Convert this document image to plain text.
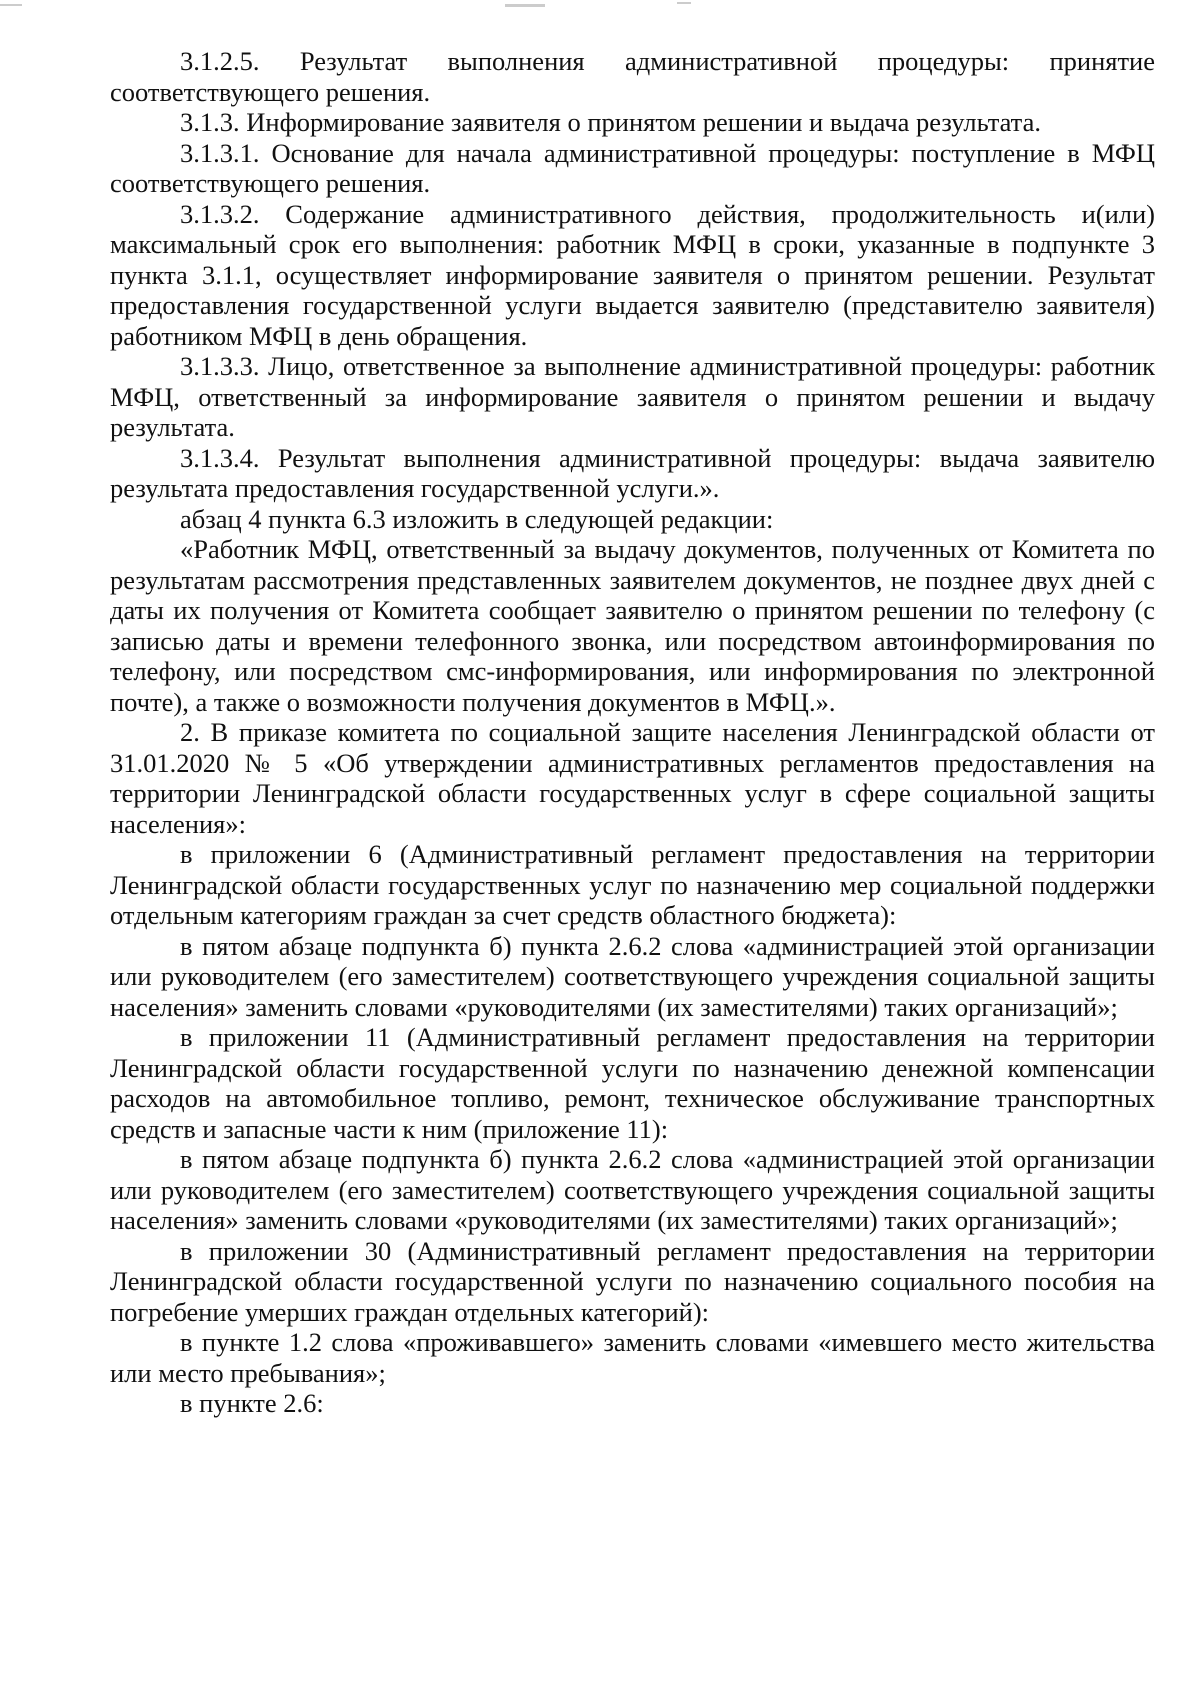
3.1.2.5. Результат выполнения административной процедуры: принятие соответствующего решения.

3.1.3. Информирование заявителя о принятом решении и выдача результата.

3.1.3.1. Основание для начала административной процедуры: поступление в МФЦ соответствующего решения.

3.1.3.2. Содержание административного действия, продолжительность и(или) максимальный срок его выполнения: работник МФЦ в сроки, указанные в подпункте 3 пункта 3.1.1, осуществляет информирование заявителя о принятом решении. Результат предоставления государственной услуги выдается заявителю (представителю заявителя) работником МФЦ в день обращения.

3.1.3.3. Лицо, ответственное за выполнение административной процедуры: работник МФЦ, ответственный за информирование заявителя о принятом решении и выдачу результата.

3.1.3.4. Результат выполнения административной процедуры: выдача заявителю результата предоставления государственной услуги.».

абзац 4 пункта 6.3 изложить в следующей редакции:

«Работник МФЦ, ответственный за выдачу документов, полученных от Комитета по результатам рассмотрения представленных заявителем документов, не позднее двух дней с даты их получения от Комитета сообщает заявителю о принятом решении по телефону (с записью даты и времени телефонного звонка, или посредством автоинформирования по телефону, или посредством смс-информирования, или информирования по электронной почте), а также о возможности получения документов в МФЦ.».

2. В приказе комитета по социальной защите населения Ленинградской области от 31.01.2020 № 5 «Об утверждении административных регламентов предоставления на территории Ленинградской области государственных услуг в сфере социальной защиты населения»:

в приложении 6 (Административный регламент предоставления на территории Ленинградской области государственных услуг по назначению мер социальной поддержки отдельным категориям граждан за счет средств областного бюджета):

в пятом абзаце подпункта б) пункта 2.6.2 слова «администрацией этой организации или руководителем (его заместителем) соответствующего учреждения социальной защиты населения» заменить словами «руководителями (их заместителями) таких организаций»;

в приложении 11 (Административный регламент предоставления на территории Ленинградской области государственной услуги по назначению денежной компенсации расходов на автомобильное топливо, ремонт, техническое обслуживание транспортных средств и запасные части к ним (приложение 11):

в пятом абзаце подпункта б) пункта 2.6.2 слова «администрацией этой организации или руководителем (его заместителем) соответствующего учреждения социальной защиты населения» заменить словами «руководителями (их заместителями) таких организаций»;

в приложении 30 (Административный регламент предоставления на территории Ленинградской области государственной услуги по назначению социального пособия на погребение умерших граждан отдельных категорий):

в пункте 1.2 слова «проживавшего» заменить словами «имевшего место жительства или место пребывания»;

в пункте 2.6:
